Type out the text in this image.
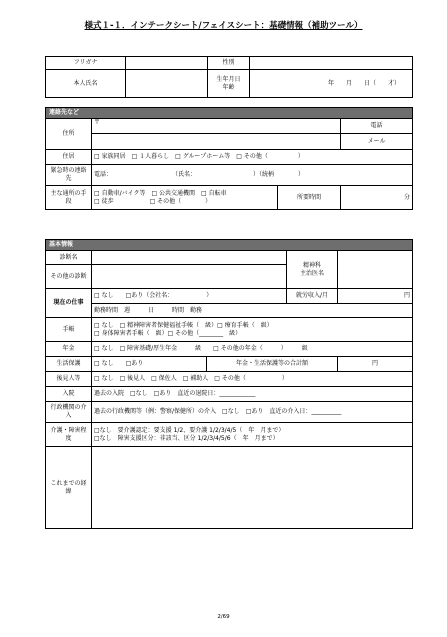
様式１-１．インテークシート/フェイスシート：基礎情報（補助ツール）
フリガナ		性別	
本人氏名		生年月日
年齢	年　　月　　日（　　才）
連絡先など			
住所	〒		電話
			メール
住居	□ 家族同居　□ １人暮らし　□ グループホーム等　□ その他（　　　　　）		
緊急時の連絡先	電話：　　　　　　　　　　　（氏名：　　　　　　　　　　）（続柄　　　　）		
主な通所の手段	□ 自動車/バイク等　□ 公共交通機関　□ 自転車
□ 徒歩　　　　　　□ その他（　　　　）	所要時間	分
基本情報				
診断名			精神科
主治医名	

その他の診断				
現在の仕事	□ なし　　□あり（会社名：　　　　　　）		就労収入/月	円
	勤務時間　週　　　日　　　時間　勤務			
手帳	□ なし　□ 精神障害者保健福祉手帳（　級）□ 療育手帳（　級）
□ 身体障害者手帳（　級）□ その他（________　級）			

年金	□ なし　□ 障害基礎/厚生年金　　　級　　□ その他の年金（　　　）　　　級			
生活保護	□ なし　　□あり	年金・生活保護等の合計額		円
後見人等	□ なし　□ 後見人　□ 保佐人　□ 補助人　□ その他（　　　　　　）			
入院	過去の入院　□なし　□あり　直近の退院日：____________			
行政機関の介入	過去の行政機関等（例：警察/保健所）の介入　□なし　□あり　直近の介入日：__________			
介護・障害程度	□なし　要介護認定：要支援 1/2、要介護 1/2/3/4/5（　年　月まで）
□なし　障害支援区分：非該当、区分 1/2/3/4/5/6（　年　月まで）			

これまでの経緯				
2/69
